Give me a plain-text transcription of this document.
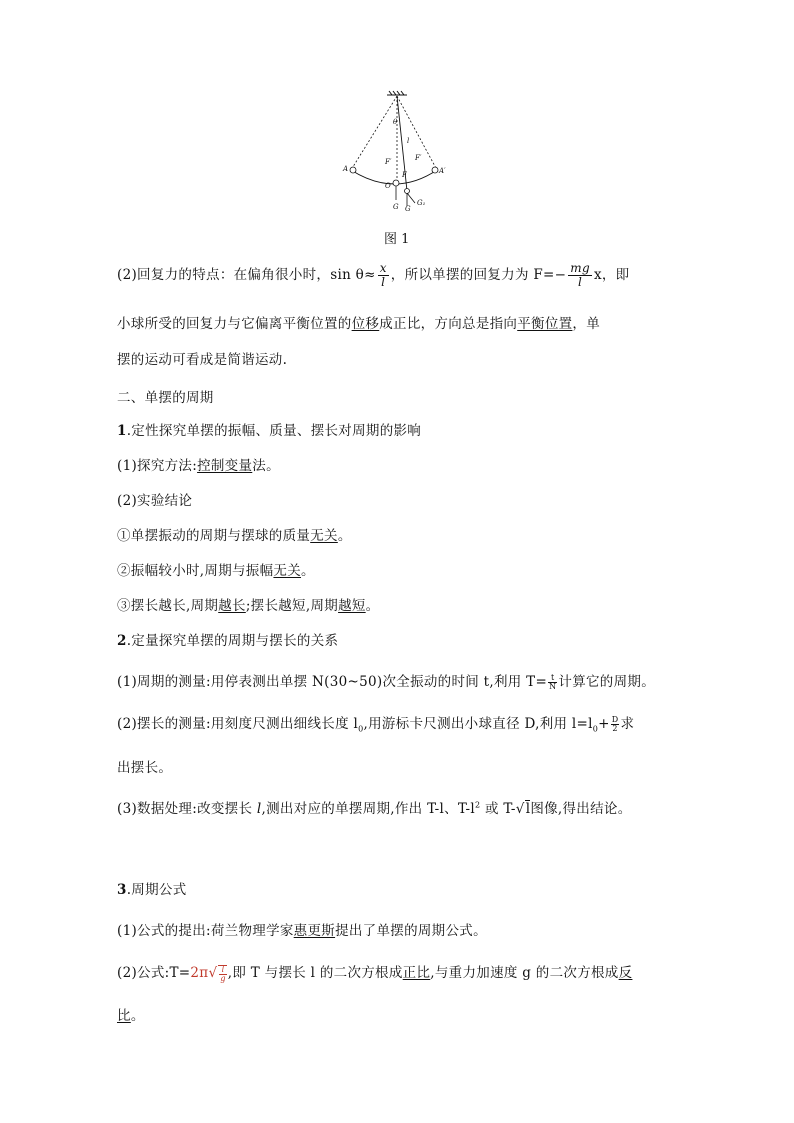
θ
l
A	A′
F′	F′
F
O
G G
G₁
图 1
(2)回复力的特点：在偏角很小时，$\sin \theta\approx \frac{x}{l}$ ，所以单摆的回复力为 $F=- \frac{mg}{l}$ x，即
小球所受的回复力与它偏离平衡位置的位移成正比，方向总是指向平衡位置，单
摆的运动可看成是简谐运动.
二、单摆的周期
1.定性探究单摆的振幅、质量、摆长对周期的影响
(1)探究方法:控制变量法。
(2)实验结论
①单摆振动的周期与摆球的质量无关。
②振幅较小时,周期与振幅无关。
③摆长越长,周期越长;摆长越短,周期越短。
2.定量探究单摆的周期与摆长的关系
(1)周期的测量:用停表测出单摆 N(30~50)次全振动的时间 t,利用 $T= \frac{t}{N}$ 计算它的周期。
(2)摆长的测量:用刻度尺测出细线长度 $l_0$,用游标卡尺测出小球直径 D,利用 $l=l_0+ \frac{D}{2}$ 求
出摆长。
(3)数据处理:改变摆长 l,测出对应的单摆周期,作出 T-l、$T-l^2$ 或 T-√l图像,得出结论。
3.周期公式
(1)公式的提出:荷兰物理学家惠更斯提出了单摆的周期公式。
(2)公式:T=2π√ $\frac{l}{g}$ ,即 T 与摆长 l 的二次方根成正比,与重力加速度 g 的二次方根成反
比。
